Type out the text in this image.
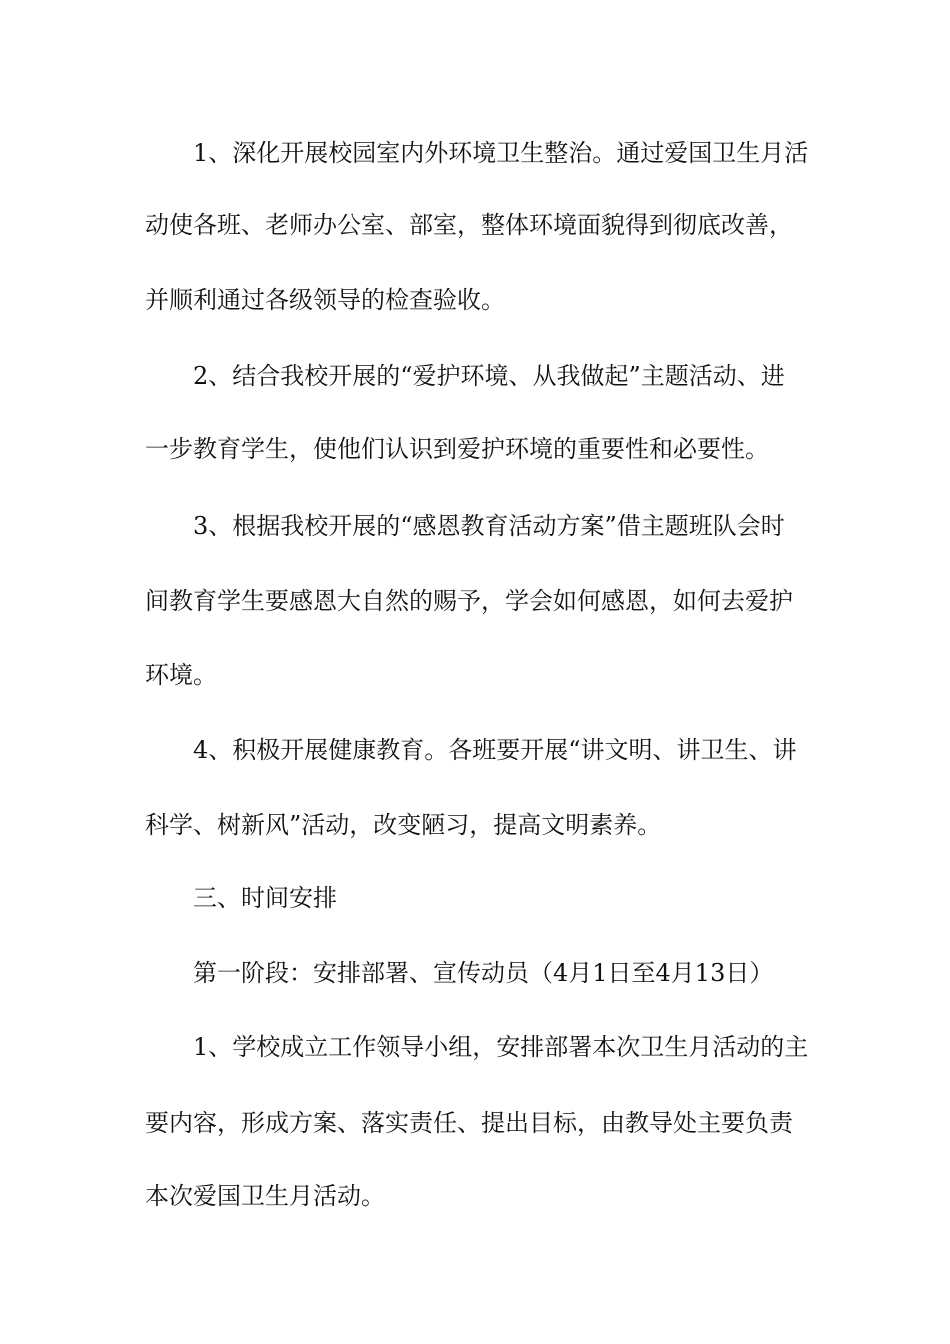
1、深化开展校园室内外环境卫生整治。通过爱国卫生月活
动使各班、老师办公室、部室，整体环境面貌得到彻底改善，
并顺利通过各级领导的检查验收。
2、结合我校开展的“爱护环境、从我做起”主题活动、进
一步教育学生，使他们认识到爱护环境的重要性和必要性。
3、根据我校开展的“感恩教育活动方案”借主题班队会时
间教育学生要感恩大自然的赐予，学会如何感恩，如何去爱护
环境。
4、积极开展健康教育。各班要开展“讲文明、讲卫生、讲
科学、树新风”活动，改变陋习，提高文明素养。
三、时间安排
第一阶段：安排部署、宣传动员（4月1日至4月13日）
1、学校成立工作领导小组，安排部署本次卫生月活动的主
要内容，形成方案、落实责任、提出目标，由教导处主要负责
本次爱国卫生月活动。
